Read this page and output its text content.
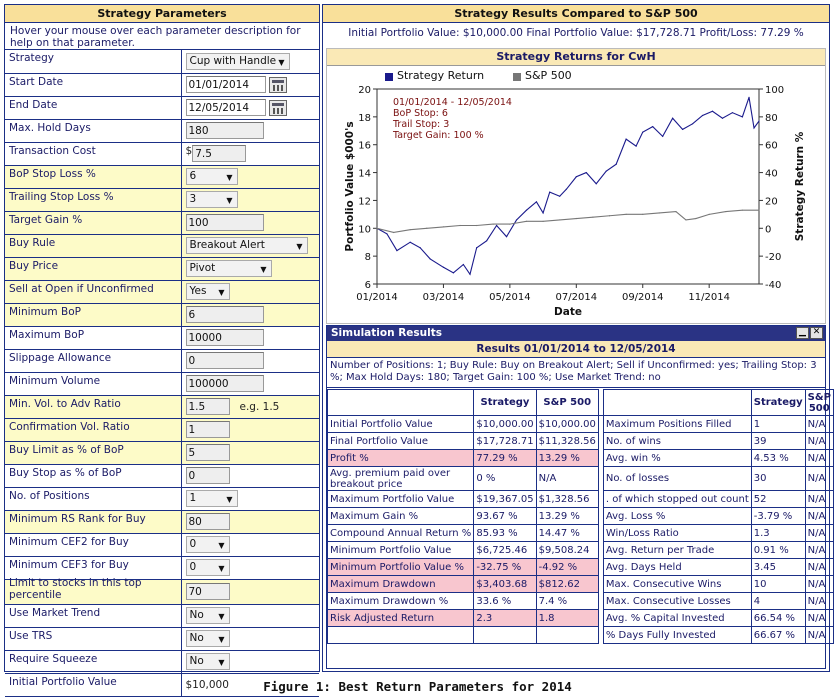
Strategy Parameters
Hover your mouse over each parameter description for help on that parameter.
Strategy	Cup with Handle ▼

Start Date	01/01/2014
End Date	12/05/2014
Max. Hold Days	180
Transaction Cost	$ 7.5
BoP Stop Loss %	6 ▼

Trailing Stop Loss %	3 ▼

Target Gain %	100
Buy Rule	Breakout Alert ▼

Buy Price	Pivot ▼

Sell at Open if Unconfirmed	Yes ▼

Minimum BoP	6
Maximum BoP	10000
Slippage Allowance	0
Minimum Volume	100000
Min. Vol. to Adv Ratio	1.5 e.g. 1.5
Confirmation Vol. Ratio	1
Buy Limit as % of BoP	5
Buy Stop as % of BoP	0
No. of Positions	1 ▼

Minimum RS Rank for Buy	80
Minimum CEF2 for Buy	0 ▼

Minimum CEF3 for Buy	0 ▼

Limit to stocks in this top percentile	70
Use Market Trend	No ▼

Use TRS	No ▼

Require Squeeze	No ▼

Initial Portfolio Value	$10,000
Strategy Results Compared to S&P 500
Initial Portfolio Value: $10,000.00 Final Portfolio Value: $17,728.71 Profit/Loss: 77.29 %
Strategy Returns for CwH
6
8
10
12
14
16
18
20
-40
-20
0
20
40
60
80
100
01/2014 03/2014 05/2014 07/2014 09/2014 11/2014
Date
Portfolio Value $000's	Strategy Return %
01/01/2014 - 12/05/2014
BoP Stop: 6
Trail Stop: 3
Target Gain: 100 %
Strategy Return	S&P 500
Simulation Results	▁ ✕
Results 01/01/2014 to 12/05/2014
Number of Positions: 1; Buy Rule: Buy on Breakout Alert; Sell if Unconfirmed: yes; Trailing Stop: 3 %; Max Hold Days: 180; Target Gain: 100 %; Use Market Trend: no
	Strategy	S&P 500			Strategy	S&P 500
Initial Portfolio Value	$10,000.00	$10,000.00		Maximum Positions Filled	1	N/A
Final Portfolio Value	$17,728.71	$11,328.56		No. of wins	39	N/A
Profit %	77.29 %	13.29 %		Avg. win %	4.53 %	N/A
Avg. premium paid over breakout price	0 %	N/A		No. of losses	30	N/A
Maximum Portfolio Value	$19,367.05	$1,328.56		. of which stopped out count	52	N/A
Maximum Gain %	93.67 %	13.29 %		Avg. Loss %	-3.79 %	N/A
Compound Annual Return %	85.93 %	14.47 %		Win/Loss Ratio	1.3	N/A
Minimum Portfolio Value	$6,725.46	$9,508.24		Avg. Return per Trade	0.91 %	N/A
Minimum Portfolio Value %	-32.75 %	-4.92 %		Avg. Days Held	3.45	N/A
Maximum Drawdown	$3,403.68	$812.62		Max. Consecutive Wins	10	N/A
Maximum Drawdown %	33.6 %	7.4 %		Max. Consecutive Losses	4	N/A
Risk Adjusted Return	2.3	1.8		Avg. % Capital Invested	66.54 %	N/A
				% Days Fully Invested	66.67 %	N/A
Figure 1: Best Return Parameters for 2014
